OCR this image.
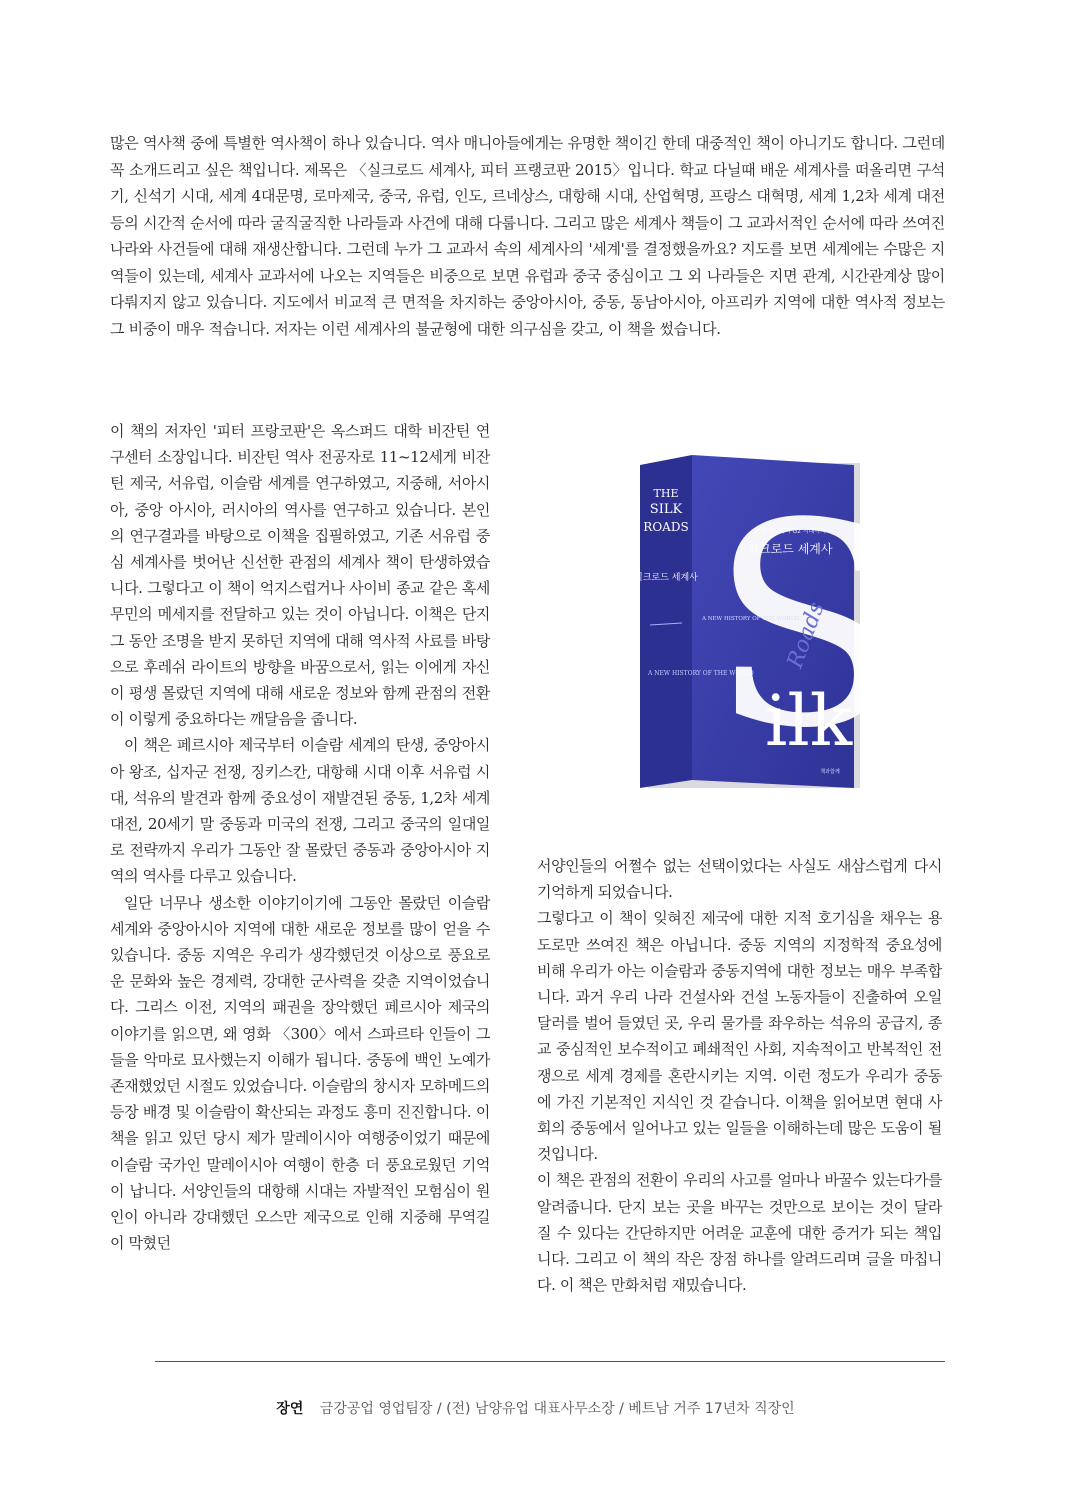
많은 역사책 중에 특별한 역사책이 하나 있습니다. 역사 매니아들에게는 유명한 책이긴 한데 대중적인 책이 아니기도 합니다. 그런데 꼭 소개드리고 싶은 책입니다. 제목은 〈실크로드 세계사, 피터 프랭코판 2015〉입니다. 학교 다닐때 배운 세계사를 떠올리면 구석기, 신석기 시대, 세계 4대문명, 로마제국, 중국, 유럽, 인도, 르네상스, 대항해 시대, 산업혁명, 프랑스 대혁명, 세계 1,2차 세계 대전 등의 시간적 순서에 따라 굴직굴직한 나라들과 사건에 대해 다룹니다. 그리고 많은 세계사 책들이 그 교과서적인 순서에 따라 쓰여진 나라와 사건들에 대해 재생산합니다. 그런데 누가 그 교과서 속의 세계사의 '세계'를 결정했을까요? 지도를 보면 세계에는 수많은 지역들이 있는데, 세계사 교과서에 나오는 지역들은 비중으로 보면 유럽과 중국 중심이고 그 외 나라들은 지면 관계, 시간관계상 많이 다뤄지지 않고 있습니다. 지도에서 비교적 큰 면적을 차지하는 중앙아시아, 중동, 동남아시아, 아프리카 지역에 대한 역사적 정보는 그 비중이 매우 적습니다. 저자는 이런 세계사의 불균형에 대한 의구심을 갖고, 이 책을 썼습니다.

이 책의 저자인 '피터 프랑코판'은 옥스퍼드 대학 비잔틴 연구센터 소장입니다. 비잔틴 역사 전공자로 11~12세게 비잔틴 제국, 서유럽, 이슬람 세계를 연구하였고, 지중해, 서아시아, 중앙 아시아, 러시아의 역사를 연구하고 있습니다. 본인의 연구결과를 바탕으로 이책을 집필하였고, 기존 서유럽 중심 세계사를 벗어난 신선한 관점의 세계사 책이 탄생하였습니다. 그렇다고 이 책이 억지스럽거나 사이비 종교 같은 혹세 무민의 메세지를 전달하고 있는 것이 아닙니다. 이책은 단지 그 동안 조명을 받지 못하던 지역에 대해 역사적 사료를 바탕으로 후레쉬 라이트의 방향을 바꿈으로서, 읽는 이에게 자신이 평생 몰랐던 지역에 대해 새로운 정보와 함께 관점의 전환이 이렇게 중요하다는 깨달음을 줍니다.

이 책은 페르시아 제국부터 이슬람 세계의 탄생, 중앙아시아 왕조, 십자군 전쟁, 징키스칸, 대항해 시대 이후 서유럽 시대, 석유의 발견과 함께 중요성이 재발견된 중동, 1,2차 세계대전, 20세기 말 중동과 미국의 전쟁, 그리고 중국의 일대일로 전략까지 우리가 그동안 잘 몰랐던 중동과 중앙아시아 지역의 역사를 다루고 있습니다.

일단 너무나 생소한 이야기이기에 그동안 몰랐던 이슬람 세계와 중앙아시아 지역에 대한 새로운 정보를 많이 얻을 수 있습니다. 중동 지역은 우리가 생각했던것 이상으로 풍요로운 문화와 높은 경제력, 강대한 군사력을 갖춘 지역이었습니다. 그리스 이전, 지역의 패권을 장악했던 페르시아 제국의 이야기를 읽으면, 왜 영화 〈300〉에서 스파르타 인들이 그들을 악마로 묘사했는지 이해가 됩니다. 중동에 백인 노예가 존재했었던 시절도 있었습니다. 이슬람의 창시자 모하메드의 등장 배경 및 이슬람이 확산되는 과정도 흥미 진진합니다. 이 책을 읽고 있던 당시 제가 말레이시아 여행중이었기 때문에 이슬람 국가인 말레이시아 여행이 한층 더 풍요로웠던 기억이 납니다. 서양인들의 대항해 시대는 자발적인 모험심이 원인이 아니라 강대했던 오스만 제국으로 인해 지중해 무역길이 막혔던

THE
SILK
ROADS
실크로드 세계사
A NEW HISTORY OF THE WORLD
고대 제국에서 G2 시대까지
실크로드 세계사
S
ilk
Roads
A NEW HISTORY OF THE WORLD
책과함께

서양인들의 어쩔수 없는 선택이었다는 사실도 새삼스럽게 다시 기억하게 되었습니다.

그렇다고 이 책이 잊혀진 제국에 대한 지적 호기심을 채우는 용도로만 쓰여진 책은 아닙니다. 중동 지역의 지정학적 중요성에 비해 우리가 아는 이슬람과 중동지역에 대한 정보는 매우 부족합니다. 과거 우리 나라 건설사와 건설 노동자들이 진출하여 오일 달러를 벌어 들였던 곳, 우리 물가를 좌우하는 석유의 공급지, 종교 중심적인 보수적이고 폐쇄적인 사회, 지속적이고 반복적인 전쟁으로 세계 경제를 혼란시키는 지역. 이런 정도가 우리가 중동에 가진 기본적인 지식인 것 같습니다. 이책을 읽어보면 현대 사회의 중동에서 일어나고 있는 일들을 이해하는데 많은 도움이 될 것입니다.

이 책은 관점의 전환이 우리의 사고를 얼마나 바꿀수 있는다가를 알려줍니다. 단지 보는 곳을 바꾸는 것만으로 보이는 것이 달라질 수 있다는 간단하지만 어려운 교훈에 대한 증거가 되는 책입니다. 그리고 이 책의 작은 장점 하나를 알려드리며 글을 마칩니다. 이 책은 만화처럼 재밌습니다.

장연 금강공업 영업팀장 / (전) 남양유업 대표사무소장 / 베트남 거주 17년차 직장인
